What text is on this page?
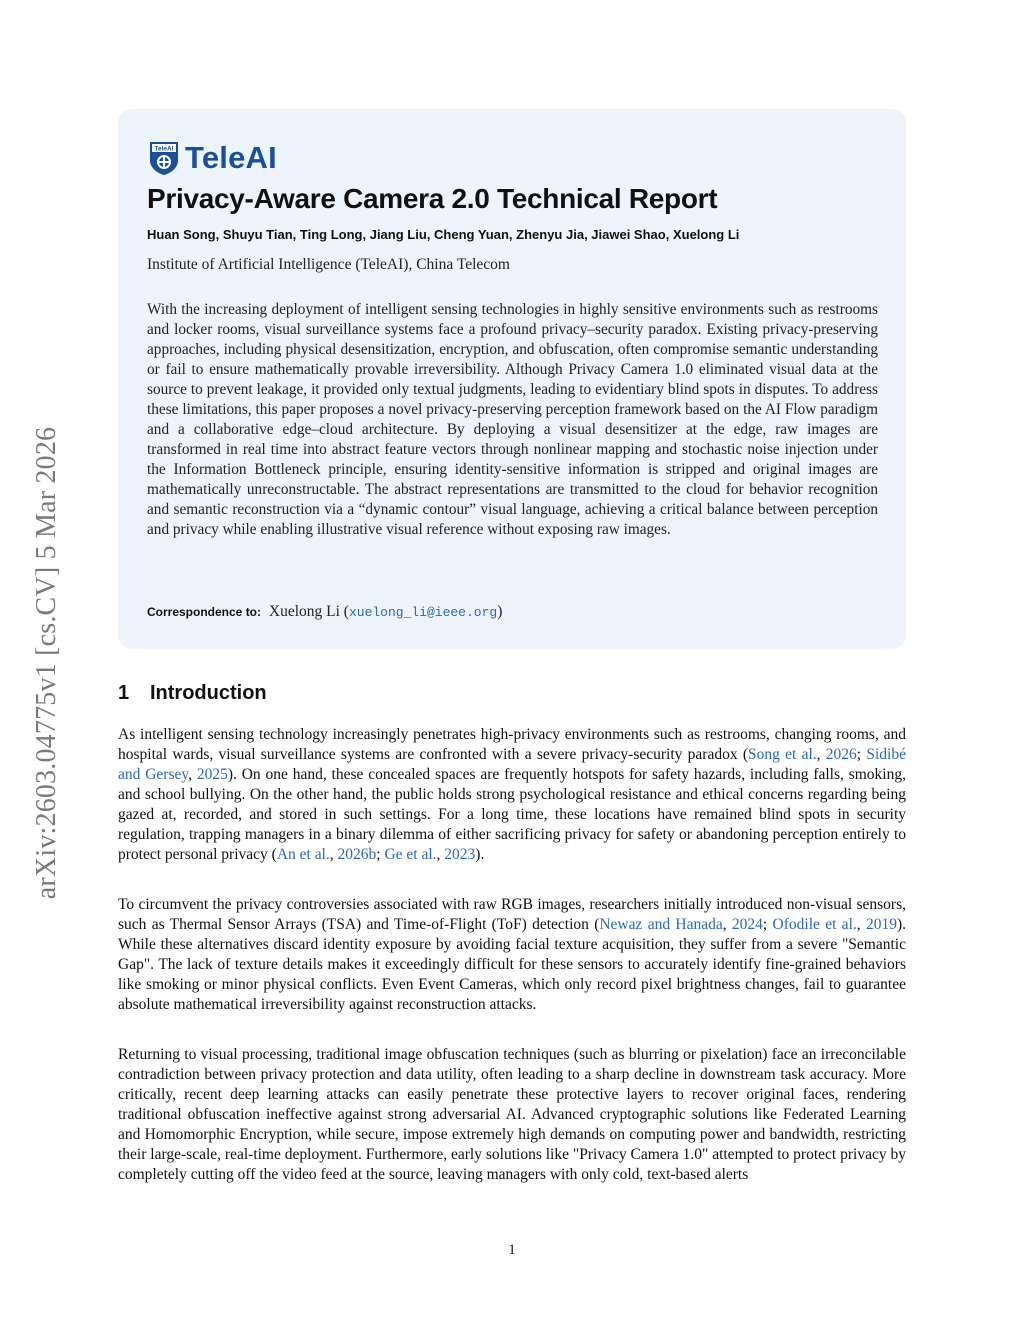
arXiv:2603.04775v1 [cs.CV] 5 Mar 2026
TeleAI TeleAI
Privacy-Aware Camera 2.0 Technical Report
Huan Song, Shuyu Tian, Ting Long, Jiang Liu, Cheng Yuan, Zhenyu Jia, Jiawei Shao, Xuelong Li
Institute of Artificial Intelligence (TeleAI), China Telecom

With the increasing deployment of intelligent sensing technologies in highly sensitive environments such as restrooms and locker rooms, visual surveillance systems face a profound privacy–security paradox. Existing privacy-preserving approaches, including physical desensitization, encryption, and obfuscation, often compromise semantic understanding or fail to ensure mathematically provable irreversibility. Although Privacy Camera 1.0 eliminated visual data at the source to prevent leakage, it provided only textual judgments, leading to evidentiary blind spots in disputes. To address these limitations, this paper proposes a novel privacy-preserving perception framework based on the AI Flow paradigm and a collaborative edge–cloud architecture. By deploying a visual desensitizer at the edge, raw images are transformed in real time into abstract feature vectors through nonlinear mapping and stochastic noise injection under the Information Bottleneck principle, ensuring identity-sensitive information is stripped and original images are mathematically unreconstructable. The abstract representations are transmitted to the cloud for behavior recognition and semantic reconstruction via a “dynamic contour” visual language, achieving a critical balance between perception and privacy while enabling illustrative visual reference without exposing raw images.

Correspondence to: Xuelong Li (xuelong_li@ieee.org)
1 Introduction

As intelligent sensing technology increasingly penetrates high-privacy environments such as restrooms, changing rooms, and hospital wards, visual surveillance systems are confronted with a severe privacy-security paradox (Song et al., 2026; Sidibé and Gersey, 2025). On one hand, these concealed spaces are frequently hotspots for safety hazards, including falls, smoking, and school bullying. On the other hand, the public holds strong psychological resistance and ethical concerns regarding being gazed at, recorded, and stored in such settings. For a long time, these locations have remained blind spots in security regulation, trapping managers in a binary dilemma of either sacrificing privacy for safety or abandoning perception entirely to protect personal privacy (An et al., 2026b; Ge et al., 2023).

To circumvent the privacy controversies associated with raw RGB images, researchers initially introduced non-visual sensors, such as Thermal Sensor Arrays (TSA) and Time-of-Flight (ToF) detection (Newaz and Hanada, 2024; Ofodile et al., 2019). While these alternatives discard identity exposure by avoiding facial texture acquisition, they suffer from a severe "Semantic Gap". The lack of texture details makes it exceedingly difficult for these sensors to accurately identify fine-grained behaviors like smoking or minor physical conflicts. Even Event Cameras, which only record pixel brightness changes, fail to guarantee absolute mathematical irreversibility against reconstruction attacks.

Returning to visual processing, traditional image obfuscation techniques (such as blurring or pixelation) face an irreconcilable contradiction between privacy protection and data utility, often leading to a sharp decline in downstream task accuracy. More critically, recent deep learning attacks can easily penetrate these protective layers to recover original faces, rendering traditional obfuscation ineffective against strong adversarial AI. Advanced cryptographic solutions like Federated Learning and Homomorphic Encryption, while secure, impose extremely high demands on computing power and bandwidth, restricting their large-scale, real-time deployment. Furthermore, early solutions like "Privacy Camera 1.0" attempted to protect privacy by completely cutting off the video feed at the source, leaving managers with only cold, text-based alerts

1
